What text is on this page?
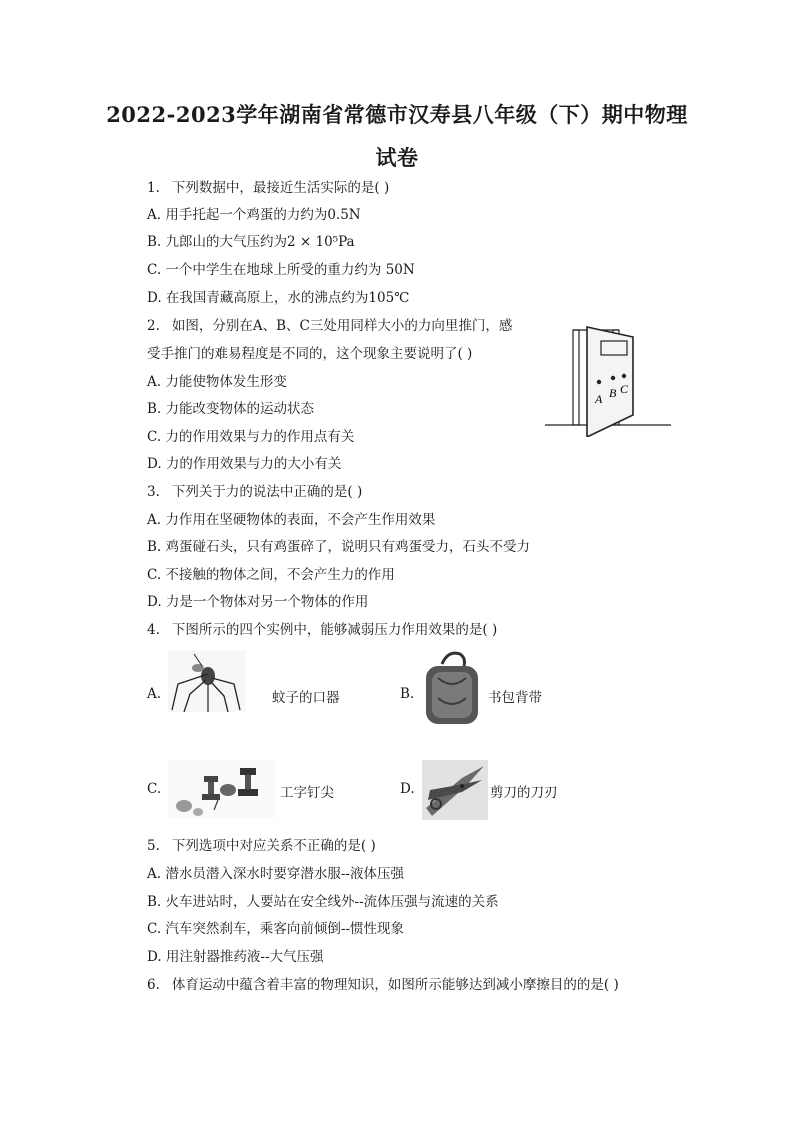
2022-2023学年湖南省常德市汉寿县八年级（下）期中物理
试卷
1. 下列数据中，最接近生活实际的是( )
A. 用手托起一个鸡蛋的力约为0.5N
B. 九郎山的大气压约为2 × 10⁵Pa
C. 一个中学生在地球上所受的重力约为 50N
D. 在我国青藏高原上，水的沸点约为105℃
2. 如图，分别在A、B、C三处用同样大小的力向里推门，感
受手推门的难易程度是不同的，这个现象主要说明了( )
A. 力能使物体发生形变
B. 力能改变物体的运动状态
C. 力的作用效果与力的作用点有关
D. 力的作用效果与力的大小有关
A B C
3. 下列关于力的说法中正确的是( )
A. 力作用在坚硬物体的表面，不会产生作用效果
B. 鸡蛋碰石头，只有鸡蛋碎了，说明只有鸡蛋受力，石头不受力
C. 不接触的物体之间，不会产生力的作用
D. 力是一个物体对另一个物体的作用
4. 下图所示的四个实例中，能够减弱压力作用效果的是( )
A.	蚊子的口器	B.	书包背带
C.	工字钉尖	D.	剪刀的刀刃
5. 下列选项中对应关系不正确的是( )
A. 潜水员潜入深水时要穿潜水服--液体压强
B. 火车进站时，人要站在安全线外--流体压强与流速的关系
C. 汽车突然刹车，乘客向前倾倒--惯性现象
D. 用注射器推药液--大气压强
6. 体育运动中蕴含着丰富的物理知识，如图所示能够达到减小摩擦目的的是( )
